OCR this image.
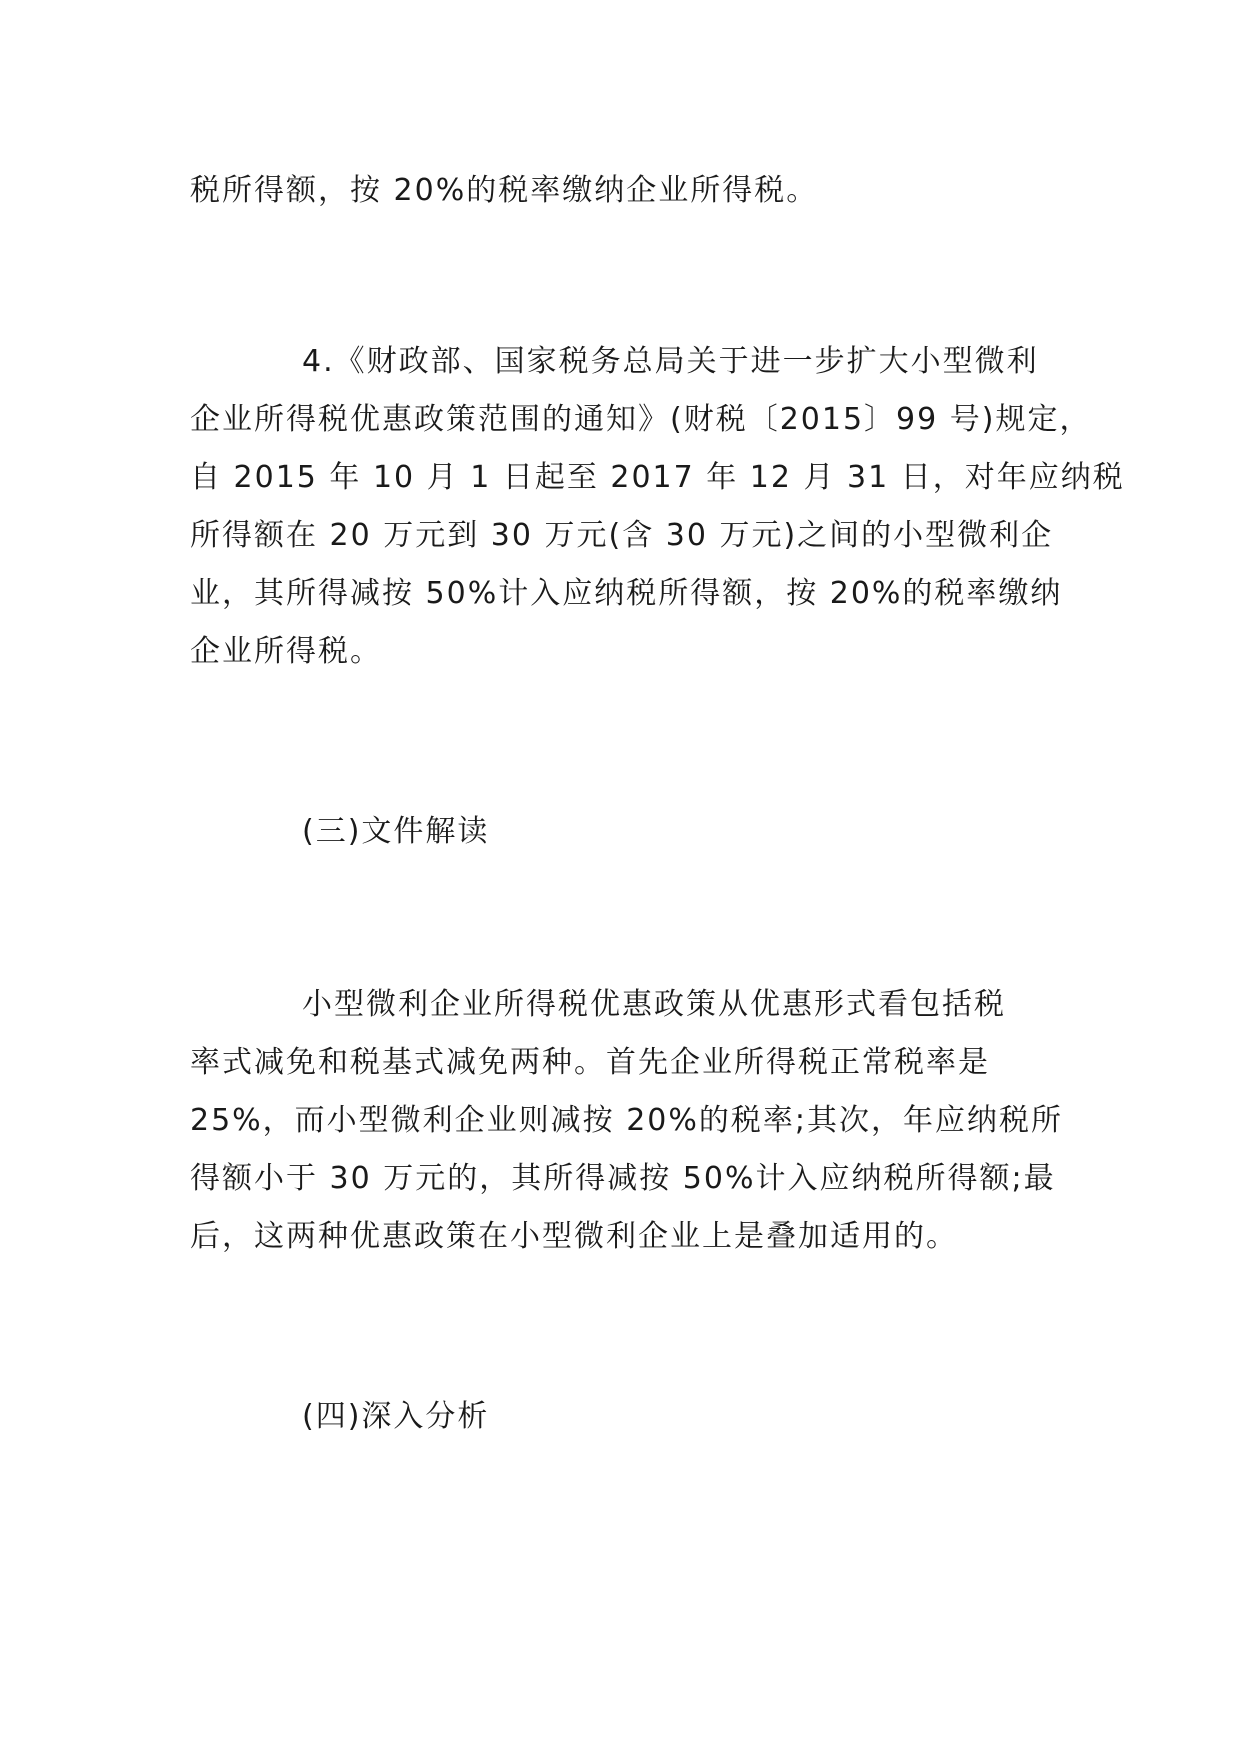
税所得额，按 20%的税率缴纳企业所得税。
4.《财政部、国家税务总局关于进一步扩大小型微利
企业所得税优惠政策范围的通知》(财税〔2015〕99 号)规定，
自 2015 年 10 月 1 日起至 2017 年 12 月 31 日，对年应纳税
所得额在 20 万元到 30 万元(含 30 万元)之间的小型微利企
业，其所得减按 50%计入应纳税所得额，按 20%的税率缴纳
企业所得税。
(三)文件解读
小型微利企业所得税优惠政策从优惠形式看包括税
率式减免和税基式减免两种。首先企业所得税正常税率是
25%，而小型微利企业则减按 20%的税率;其次，年应纳税所
得额小于 30 万元的，其所得减按 50%计入应纳税所得额;最
后，这两种优惠政策在小型微利企业上是叠加适用的。
(四)深入分析
